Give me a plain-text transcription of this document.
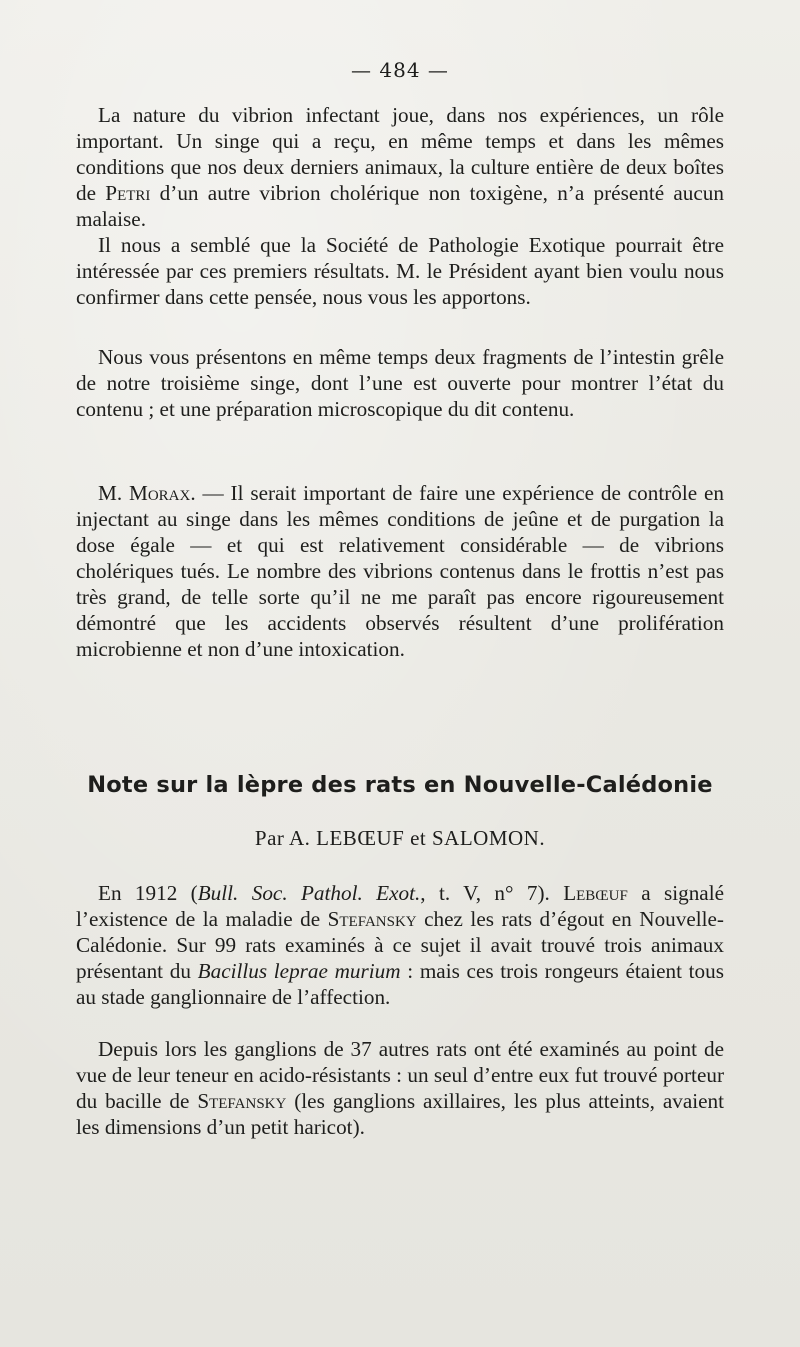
— 484 —

La nature du vibrion infectant joue, dans nos expériences, un rôle important. Un singe qui a reçu, en même temps et dans les mêmes conditions que nos deux derniers animaux, la culture entière de deux boîtes de Petri d’un autre vibrion cholérique non toxigène, n’a présenté aucun malaise.

Il nous a semblé que la Société de Pathologie Exotique pourrait être intéressée par ces premiers résultats. M. le Président ayant bien voulu nous confirmer dans cette pensée, nous vous les apportons.

Nous vous présentons en même temps deux fragments de l’intestin grêle de notre troisième singe, dont l’une est ouverte pour montrer l’état du contenu ; et une préparation microscopique du dit contenu.

M. Morax. — Il serait important de faire une expérience de contrôle en injectant au singe dans les mêmes conditions de jeûne et de purgation la dose égale — et qui est relativement considérable — de vibrions cholériques tués. Le nombre des vibrions contenus dans le frottis n’est pas très grand, de telle sorte qu’il ne me paraît pas encore rigoureusement démontré que les accidents observés résultent d’une prolifération microbienne et non d’une intoxication.

Note sur la lèpre des rats en Nouvelle-Calédonie
Par A. LEBŒUF et SALOMON.

En 1912 (Bull. Soc. Pathol. Exot., t. V, n° 7). Lebœuf a signalé l’existence de la maladie de Stefansky chez les rats d’égout en Nouvelle-Calédonie. Sur 99 rats examinés à ce sujet il avait trouvé trois animaux présentant du Bacillus leprae murium : mais ces trois rongeurs étaient tous au stade ganglionnaire de l’affection.

Depuis lors les ganglions de 37 autres rats ont été examinés au point de vue de leur teneur en acido-résistants : un seul d’entre eux fut trouvé porteur du bacille de Stefansky (les ganglions axillaires, les plus atteints, avaient les dimensions d’un petit haricot).
